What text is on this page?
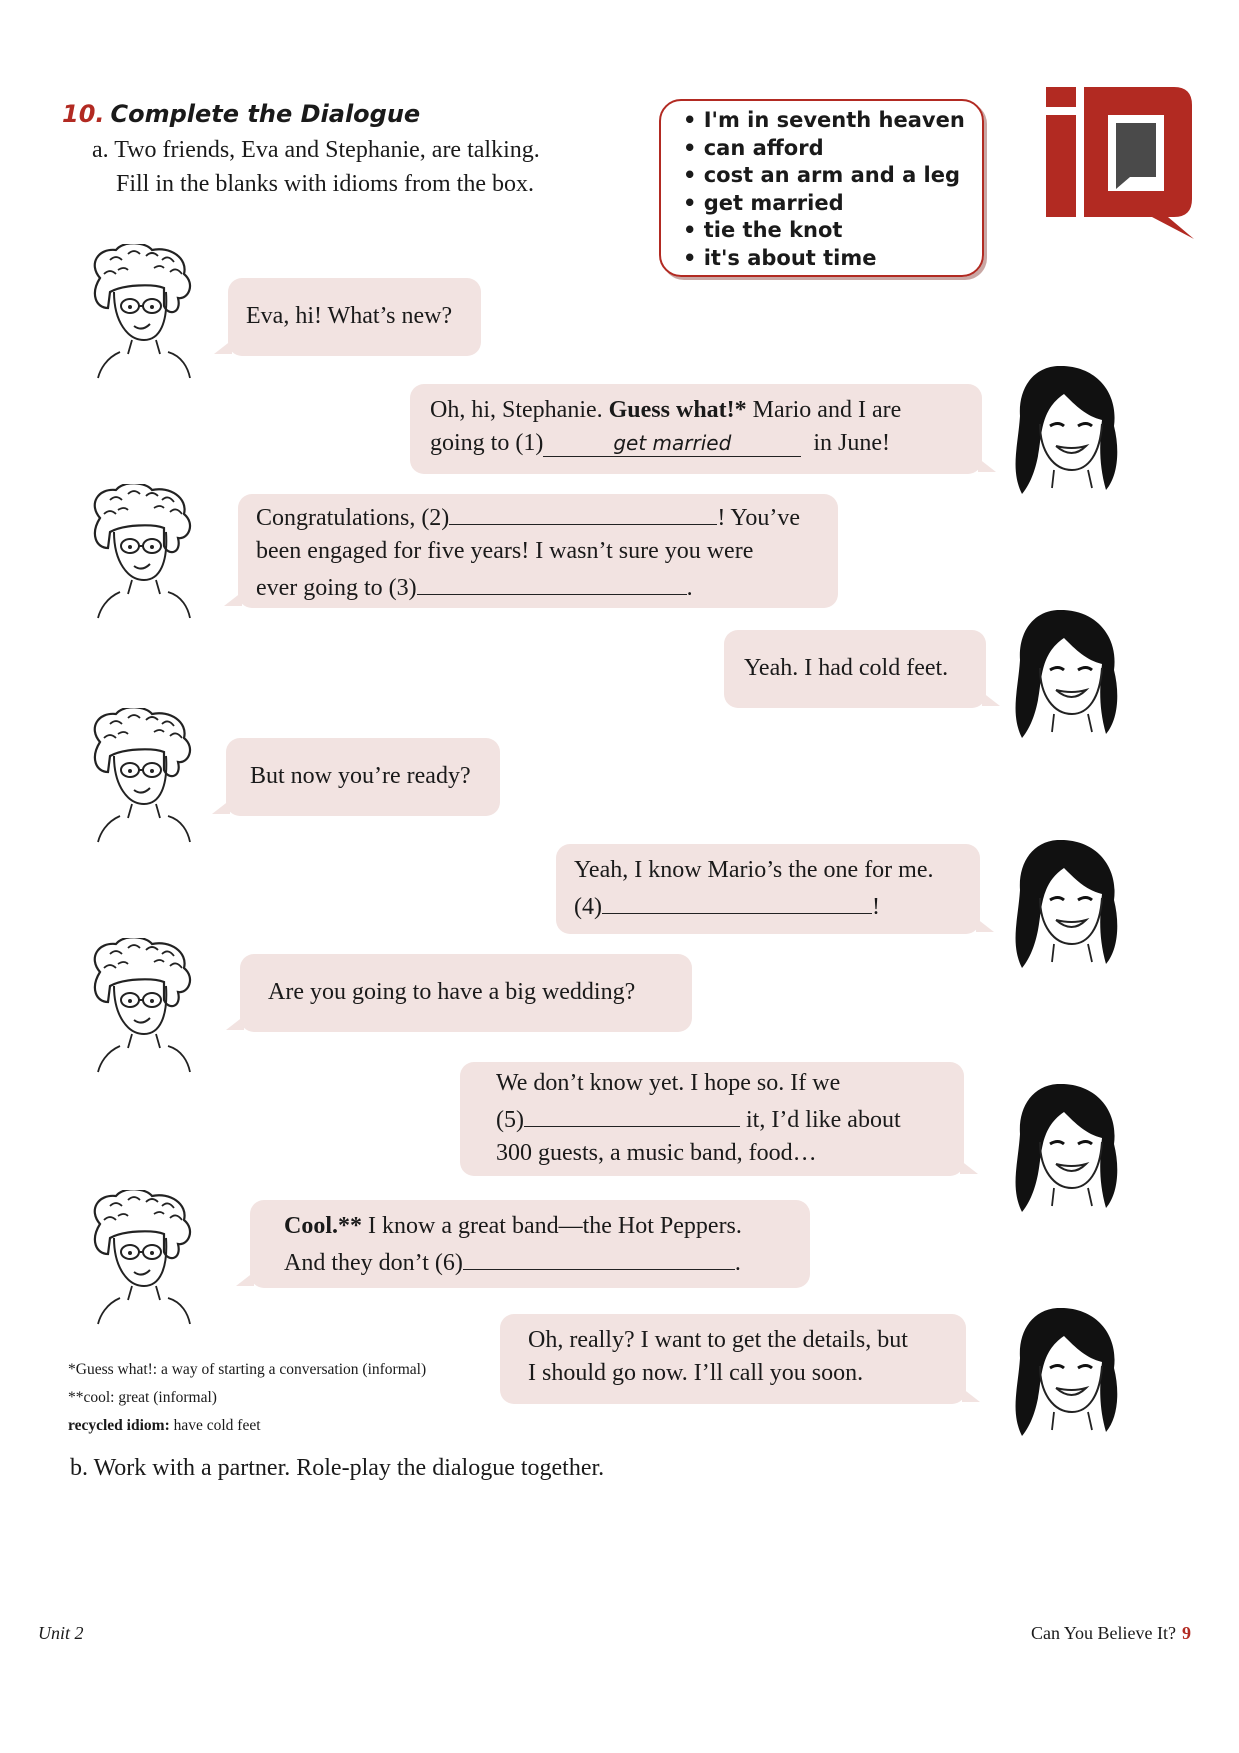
10. Complete the Dialogue
a. Two friends, Eva and Stephanie, are talking.
Fill in the blanks with idioms from the box.
• I'm in seventh heaven
• can afford
• cost an arm and a leg
• get married
• tie the knot
• it's about time
Eva, hi! What’s new?
Oh, hi, Stephanie. Guess what!* Mario and I are
going to (1)	get married	in June!
Congratulations, (2)	! You’ve
been engaged for five years! I wasn’t sure you were
ever going to (3)	.
Yeah. I had cold feet.
But now you’re ready?
Yeah, I know Mario’s the one for me.
(4)	!
Are you going to have a big wedding?
We don’t know yet. I hope so. If we
(5)	it, I’d like about
300 guests, a music band, food…
Cool.** I know a great band—the Hot Peppers.
And they don’t (6)	.
Oh, really? I want to get the details, but
I should go now. I’ll call you soon.
*Guess what!: a way of starting a conversation (informal)
**cool: great (informal)
recycled idiom: have cold feet
b. Work with a partner. Role-play the dialogue together.
Unit 2	Can You Believe It? 9
